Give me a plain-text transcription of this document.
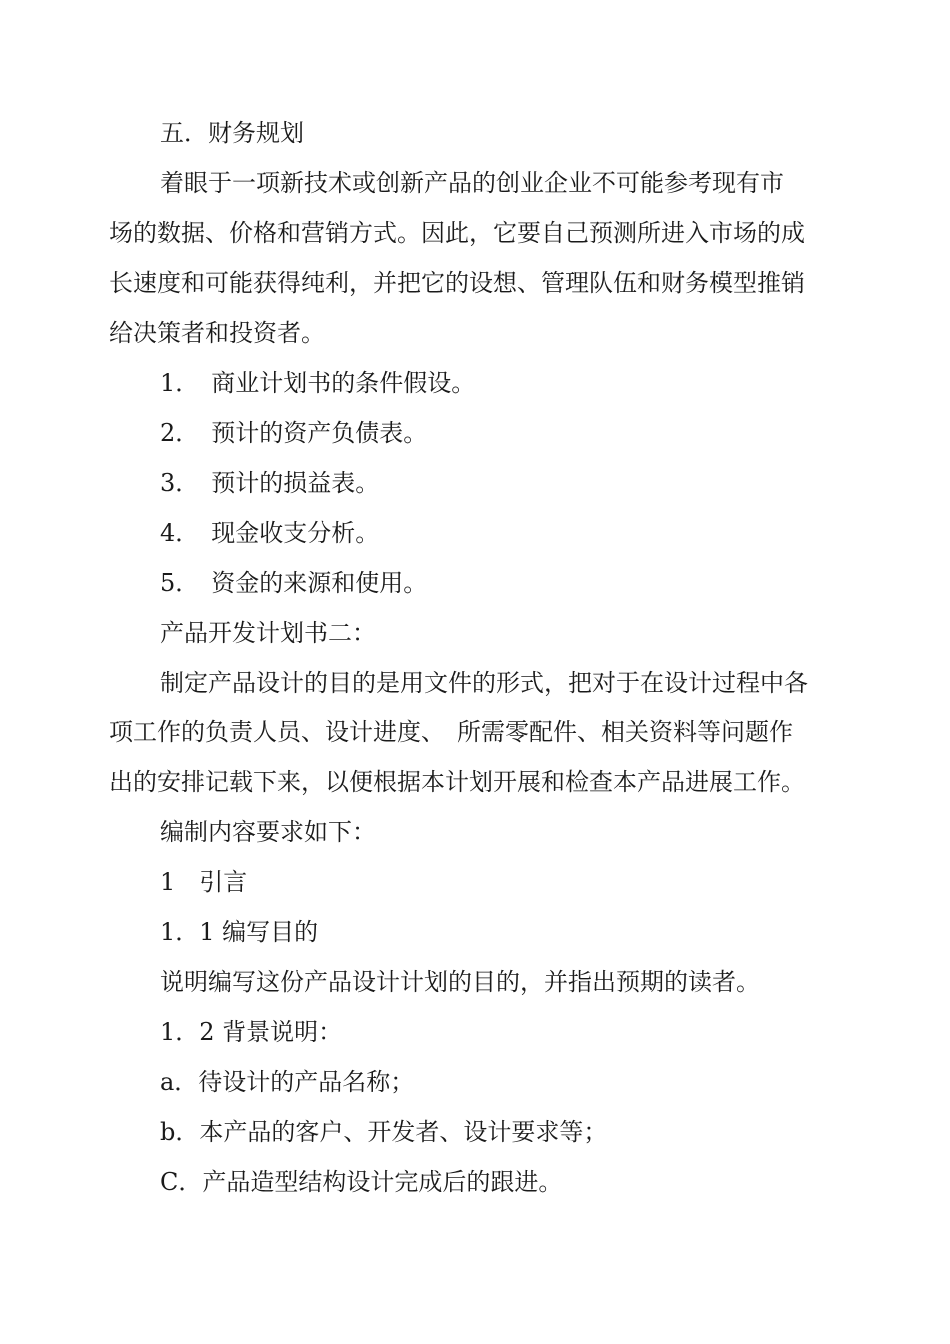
五．财务规划

着眼于一项新技术或创新产品的创业企业不可能参考现有市

场的数据、价格和营销方式。因此，它要自己预测所进入市场的成

长速度和可能获得纯利，并把它的设想、管理队伍和财务模型推销

给决策者和投资者。

1．　商业计划书的条件假设。

2．　预计的资产负债表。

3．　预计的损益表。

4．　现金收支分析。

5．　资金的来源和使用。

产品开发计划书二：

制定产品设计的目的是用文件的形式，把对于在设计过程中各

项工作的负责人员、设计进度、　所需零配件、相关资料等问题作

出的安排记载下来，以便根据本计划开展和检查本产品进展工作。

编制内容要求如下：

1　引言

1．1 编写目的

说明编写这份产品设计计划的目的，并指出预期的读者。

1．2 背景说明：

a．待设计的产品名称；

b．本产品的客户、开发者、设计要求等；

C．产品造型结构设计完成后的跟进。
